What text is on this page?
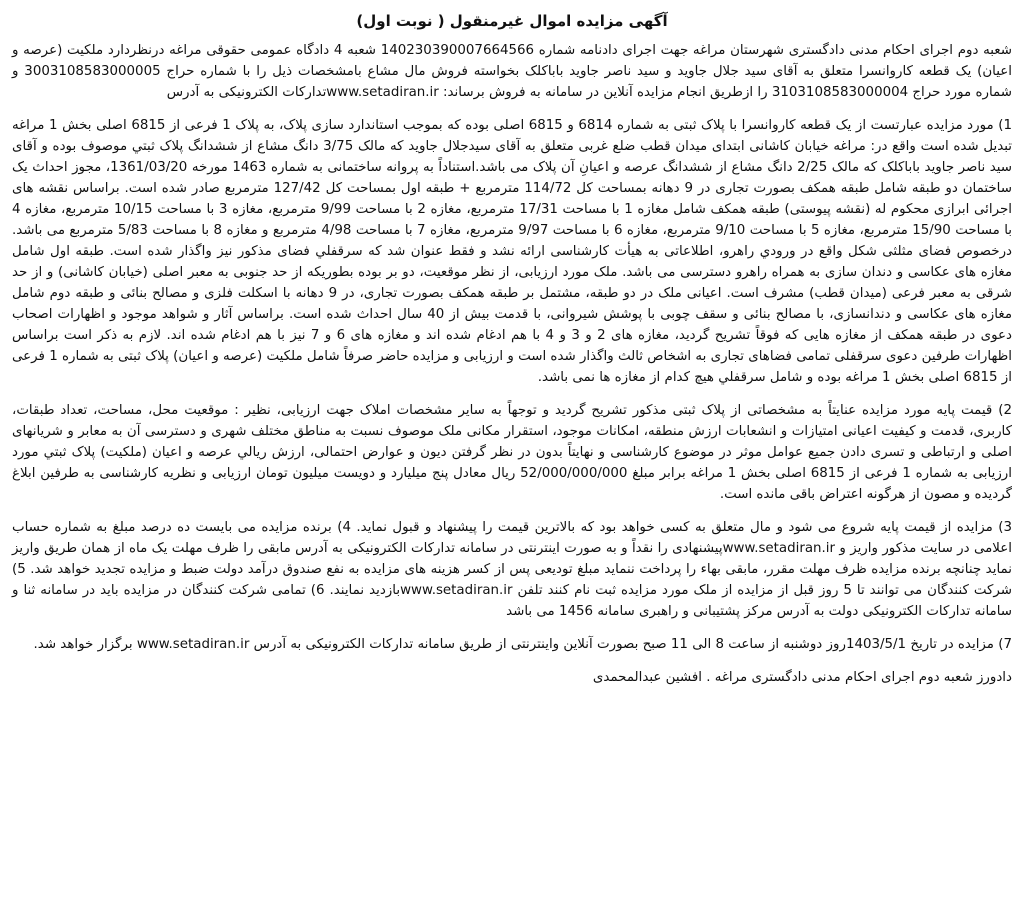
​
آگهی مزایده اموال غیرمنقول ( نوبت اول)

شعبه دوم اجرای احکام مدنی دادگستری شهرستان مراغه جهت اجرای دادنامه شماره 140230390007664566 شعبه 4 دادگاه عمومی حقوقی مراغه درنظردارد ملکیت (عرصه و اعیان) یک قطعه کاروانسرا متعلق به آقای سید جلال جاوید و سید ناصر جاوید باباکلک بخواسته فروش مال مشاع بامشخصات ذیل را با شماره حراج 3003108583000005 و شماره مورد حراج 3103108583000004 را ازطریق انجام مزایده آنلاین در سامانه به فروش برساند: www.setadiran.irتدارکات الکترونیکی به آدرس

1) مورد مزایده عبارتست از یک قطعه کاروانسرا با پلاک ثبتی به شماره 6814 و 6815 اصلی بوده که بموجب استاندارد سازی پلاک، به پلاک 1 فرعی از 6815 اصلی بخش 1 مراغه تبدیل شده است واقع در: مراغه خیابان کاشانی ابتدای میدان قطب ضلع غربی متعلق به آقای سیدجلال جاوید که مالک 3/75 دانگ مشاع از ششدانگ پلاک ثبتي موصوف بوده و آقای سید ناصر جاوید باباکلک که مالک 2/25 دانگ مشاع از ششدانگ عرصه و اعيانِ آن پلاک می باشد.استناداً به پروانه ساختمانی به شماره 1463 مورخه 1361/03/20، مجوز احداث یک ساختمان دو طبقه شامل طبقه همکف بصورت تجاری در 9 دهانه بمساحت کل 114/72 مترمربع + طبقه اول بمساحت کل 127/42 مترمربع صادر شده است. براساس نقشه های اجرائی ابرازی محکوم له (نقشه پیوستی) طبقه همکف شامل مغازه 1 با مساحت 17/31 مترمربع، مغازه 2 با مساحت 9/99 مترمربع، مغازه 3 با مساحت 10/15 مترمربع، مغازه 4 با مساحت 15/90 مترمربع، مغازه 5 با مساحت 9/10 مترمربع، مغازه 6 با مساحت 9/97 مترمربع، مغازه 7 با مساحت 4/98 مترمربع و مغازه 8 با مساحت 5/83 مترمربع می باشد. درخصوص فضای مثلثی شکل واقع در ورودي راهرو، اطلاعاتی به هیأت کارشناسی ارائه نشد و فقط عنوان شد که سرقفلي فضای مذکور نیز واگذار شده است. طبقه اول شامل مغازه های عکاسی و دندان سازی به همراه راهرو دسترسی می باشد. ملک مورد ارزیابی، از نظر موقعیت، دو بر بوده بطوریکه از حد جنوبی به معبر اصلی (خیابان کاشانی) و از حد شرقی به معبر فرعی (میدان قطب) مشرف است. اعیانی ملک در دو طبقه، مشتمل بر طبقه همکف بصورت تجاری، در 9 دهانه با اسکلت فلزی و مصالح بنائی و طبقه دوم شامل مغازه های عکاسی و دندانسازی، با مصالح بنائی و سقف چوبی با پوشش شیروانی، با قدمت بیش از 40 سال احداث شده است. براساس آثار و شواهد موجود و اظهارات اصحاب دعوی در طبقه همکف از مغازه هایی که فوقاً تشریح گردید، مغازه های 2 و 3 و 4 با هم ادغام شده اند و مغازه های 6 و 7 نیز با هم ادغام شده اند. لازم به ذکر است براساس اظهارات طرفین دعوی سرقفلی تمامی فضاهای تجاری به اشخاص ثالث واگذار شده است و ارزیابی و مزایده حاضر صرفاً شامل ملکیت (عرصه و اعیان) پلاک ثبتی به شماره 1 فرعی از 6815 اصلی بخش 1 مراغه بوده و شامل سرقفلي هیچ کدام از مغازه ها نمی باشد.

2) قیمت پایه مورد مزایده عنایتاً به مشخصاتی از پلاک ثبتی مذکور تشریح گردید و توجهاً به سایر مشخصات املاک جهت ارزیابی، نظیر : موقعیت محل، مساحت، تعداد طبقات، کاربری، قدمت و کیفیت اعیانی امتیازات و انشعابات ارزش منطقه، امکانات موجود، استقرار مکانی ملک موصوف نسبت به مناطق مختلف شهری و دسترسی آن به معابر و شریانهای اصلی و ارتباطی و تسری دادن جمیع عوامل موثر در موضوع کارشناسی و نهایتاً بدون در نظر گرفتن دیون و عوارض احتمالی، ارزش ریالي عرصه و اعیان (ملکیت) پلاک ثبتي مورد ارزیابی به شماره 1 فرعی از 6815 اصلی بخش 1 مراغه برابر مبلغ 52/000/000/000 ریال معادل پنج میلیارد و دویست میلیون تومان ارزیابی و نظریه کارشناسی به طرفین ابلاغ گردیده و مصون از هرگونه اعتراض باقی مانده است.

3) مزایده از قیمت پایه شروع می شود و مال متعلق به کسی خواهد بود که بالاترین قیمت را پیشنهاد و قبول نماید. 4) برنده مزایده می بایست ده درصد مبلغ به شماره حساب اعلامی در سایت مذکور واریز و www.setadiran.irپیشنهادی را نقداً و به صورت اینترنتی در سامانه تدارکات الکترونیکی به آدرس مابقی را ظرف مهلت یک ماه از همان طریق واریز نماید چنانچه برنده مزایده ظرف مهلت مقرر، مابقی بهاء را پرداخت ننماید مبلغ تودیعی پس از کسر هزینه های مزایده به نفع صندوق درآمد دولت ضبط و مزایده تجدید خواهد شد. 5) شرکت کنندگان می توانند تا 5 روز قبل از مزایده از ملک مورد مزایده ثبت نام کنند تلفن www.setadiran.irبازدید نمایند. 6) تمامی شرکت کنندگان در مزایده باید در سامانه ثنا و سامانه تدارکات الکترونیکی دولت به آدرس مرکز پشتیبانی و راهبری سامانه 1456 می باشد

7) مزایده در تاریخ 1403/5/1روز دوشنبه از ساعت 8 الی 11 صبح بصورت آنلاین واینترنتی از طریق سامانه تدارکات الکترونیکی به آدرس www.setadiran.ir برگزار خواهد شد.

دادورز شعبه دوم اجرای احکام مدنی دادگستری مراغه . افشین عبدالمحمدی
